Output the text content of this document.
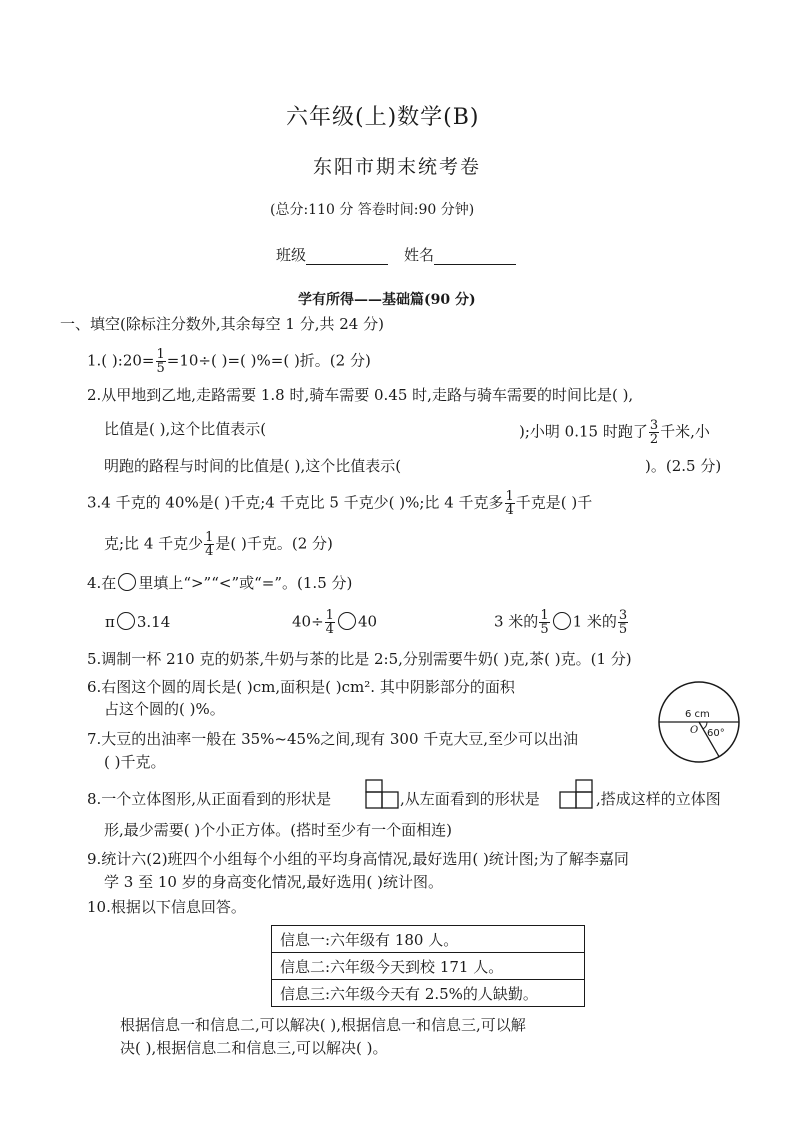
六年级(上)数学(B)
东阳市期末统考卷
(总分:110 分 答卷时间:90 分钟)
班级	姓名
学有所得——基础篇(90 分)
一、填空(除标注分数外,其余每空 1 分,共 24 分)
1.( ):20= $\frac{1}{5} =10\div$( )=( )%=( )折。(2 分)
2.从甲地到乙地,走路需要 1.8 时,骑车需要 0.45 时,走路与骑车需要的时间比是( ),
比值是( ),这个比值表示(	);小明 0.15 时跑了 $\frac{3}{2}$ 千米,小
明跑的路程与时间的比值是( ),这个比值表示(	)。(2.5 分)
3.4 千克的 40%是( )千克;4 千克比 5 千克少( )%;比 4 千克多 $\frac{1}{4}$ 千克是( )千
克;比 4 千克少 $\frac{1}{4}$ 是( )千克。(2 分)
4.在 里填上“>”“<”或“=”。(1.5 分)
π 3.14	$40\div \frac{1}{4} 40$	3 米的 $\frac{1}{5} 1$ 米的 $\frac{3}{5}$
5.调制一杯 210 克的奶茶,牛奶与茶的比是 2:5,分别需要牛奶( )克,茶( )克。(1 分)
6.右图这个圆的周长是( )cm,面积是( )cm². 其中阴影部分的面积
占这个圆的( )%。	6 cm
O 60°
7.大豆的出油率一般在 35%~45%之间,现有 300 千克大豆,至少可以出油
( )千克。
8.一个立体图形,从正面看到的形状是	,从左面看到的形状是	,搭成这样的立体图
形,最少需要( )个小正方体。(搭时至少有一个面相连)
9.统计六(2)班四个小组每个小组的平均身高情况,最好选用( )统计图;为了解李嘉同
学 3 至 10 岁的身高变化情况,最好选用( )统计图。
10.根据以下信息回答。
信息一:六年级有 180 人。
信息二:六年级今天到校 171 人。
信息三:六年级今天有 2.5%的人缺勤。
根据信息一和信息二,可以解决( ),根据信息一和信息三,可以解
决( ),根据信息二和信息三,可以解决( )。
